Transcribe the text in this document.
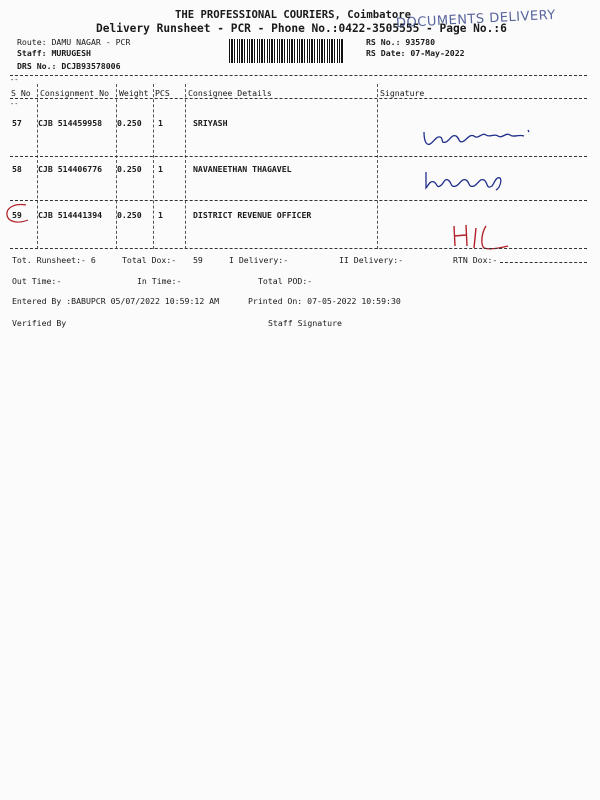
THE PROFESSIONAL COURIERS, Coimbatore
Delivery Runsheet - PCR - Phone No.:0422-3505555 - Page No.:6
DOCUMENTS DELIVERY
Route: DAMU NAGAR - PCR
Staff: MURUGESH
DRS No.: DCJB93578006
RS No.: 935780
RS Date: 07-May-2022
--
--
S No Consignment No Weight PCS Consignee Details	Signature
57 CJB 514459958 0.250 1	SRIYASH
58 CJB 514406776 0.250 1	NAVANEETHAN THAGAVEL
59 CJB 514441394 0.250 1	DISTRICT REVENUE OFFICER
Tot. Runsheet:- 6	Total Dox:- 59	I Delivery:-	II Delivery:-	RTN Dox:-
Out Time:-	In Time:-	Total POD:-
Entered By :BABUPCR 05/07/2022 10:59:12 AM	Printed On: 07-05-2022 10:59:30
Verified By	Staff Signature
